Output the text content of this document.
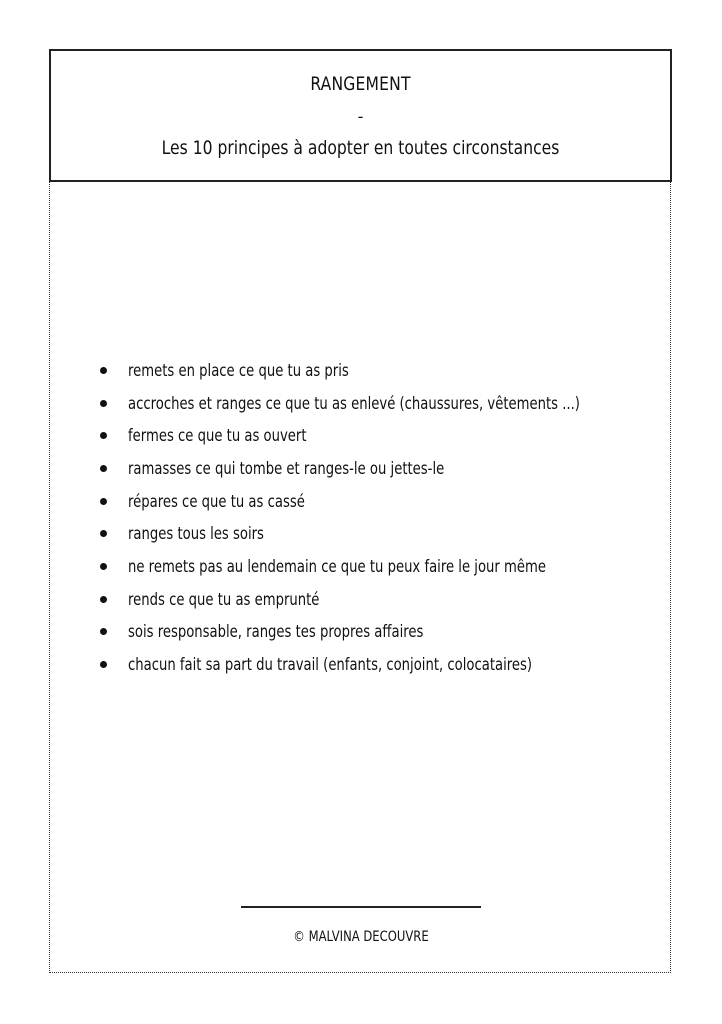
RANGEMENT
-
Les 10 principes à adopter en toutes circonstances
remets en place ce que tu as pris
accroches et ranges ce que tu as enlevé (chaussures, vêtements ...)
fermes ce que tu as ouvert
ramasses ce qui tombe et ranges-le ou jettes-le
répares ce que tu as cassé
ranges tous les soirs
ne remets pas au lendemain ce que tu peux faire le jour même
rends ce que tu as emprunté
sois responsable, ranges tes propres affaires
chacun fait sa part du travail (enfants, conjoint, colocataires)
© MALVINA DECOUVRE
